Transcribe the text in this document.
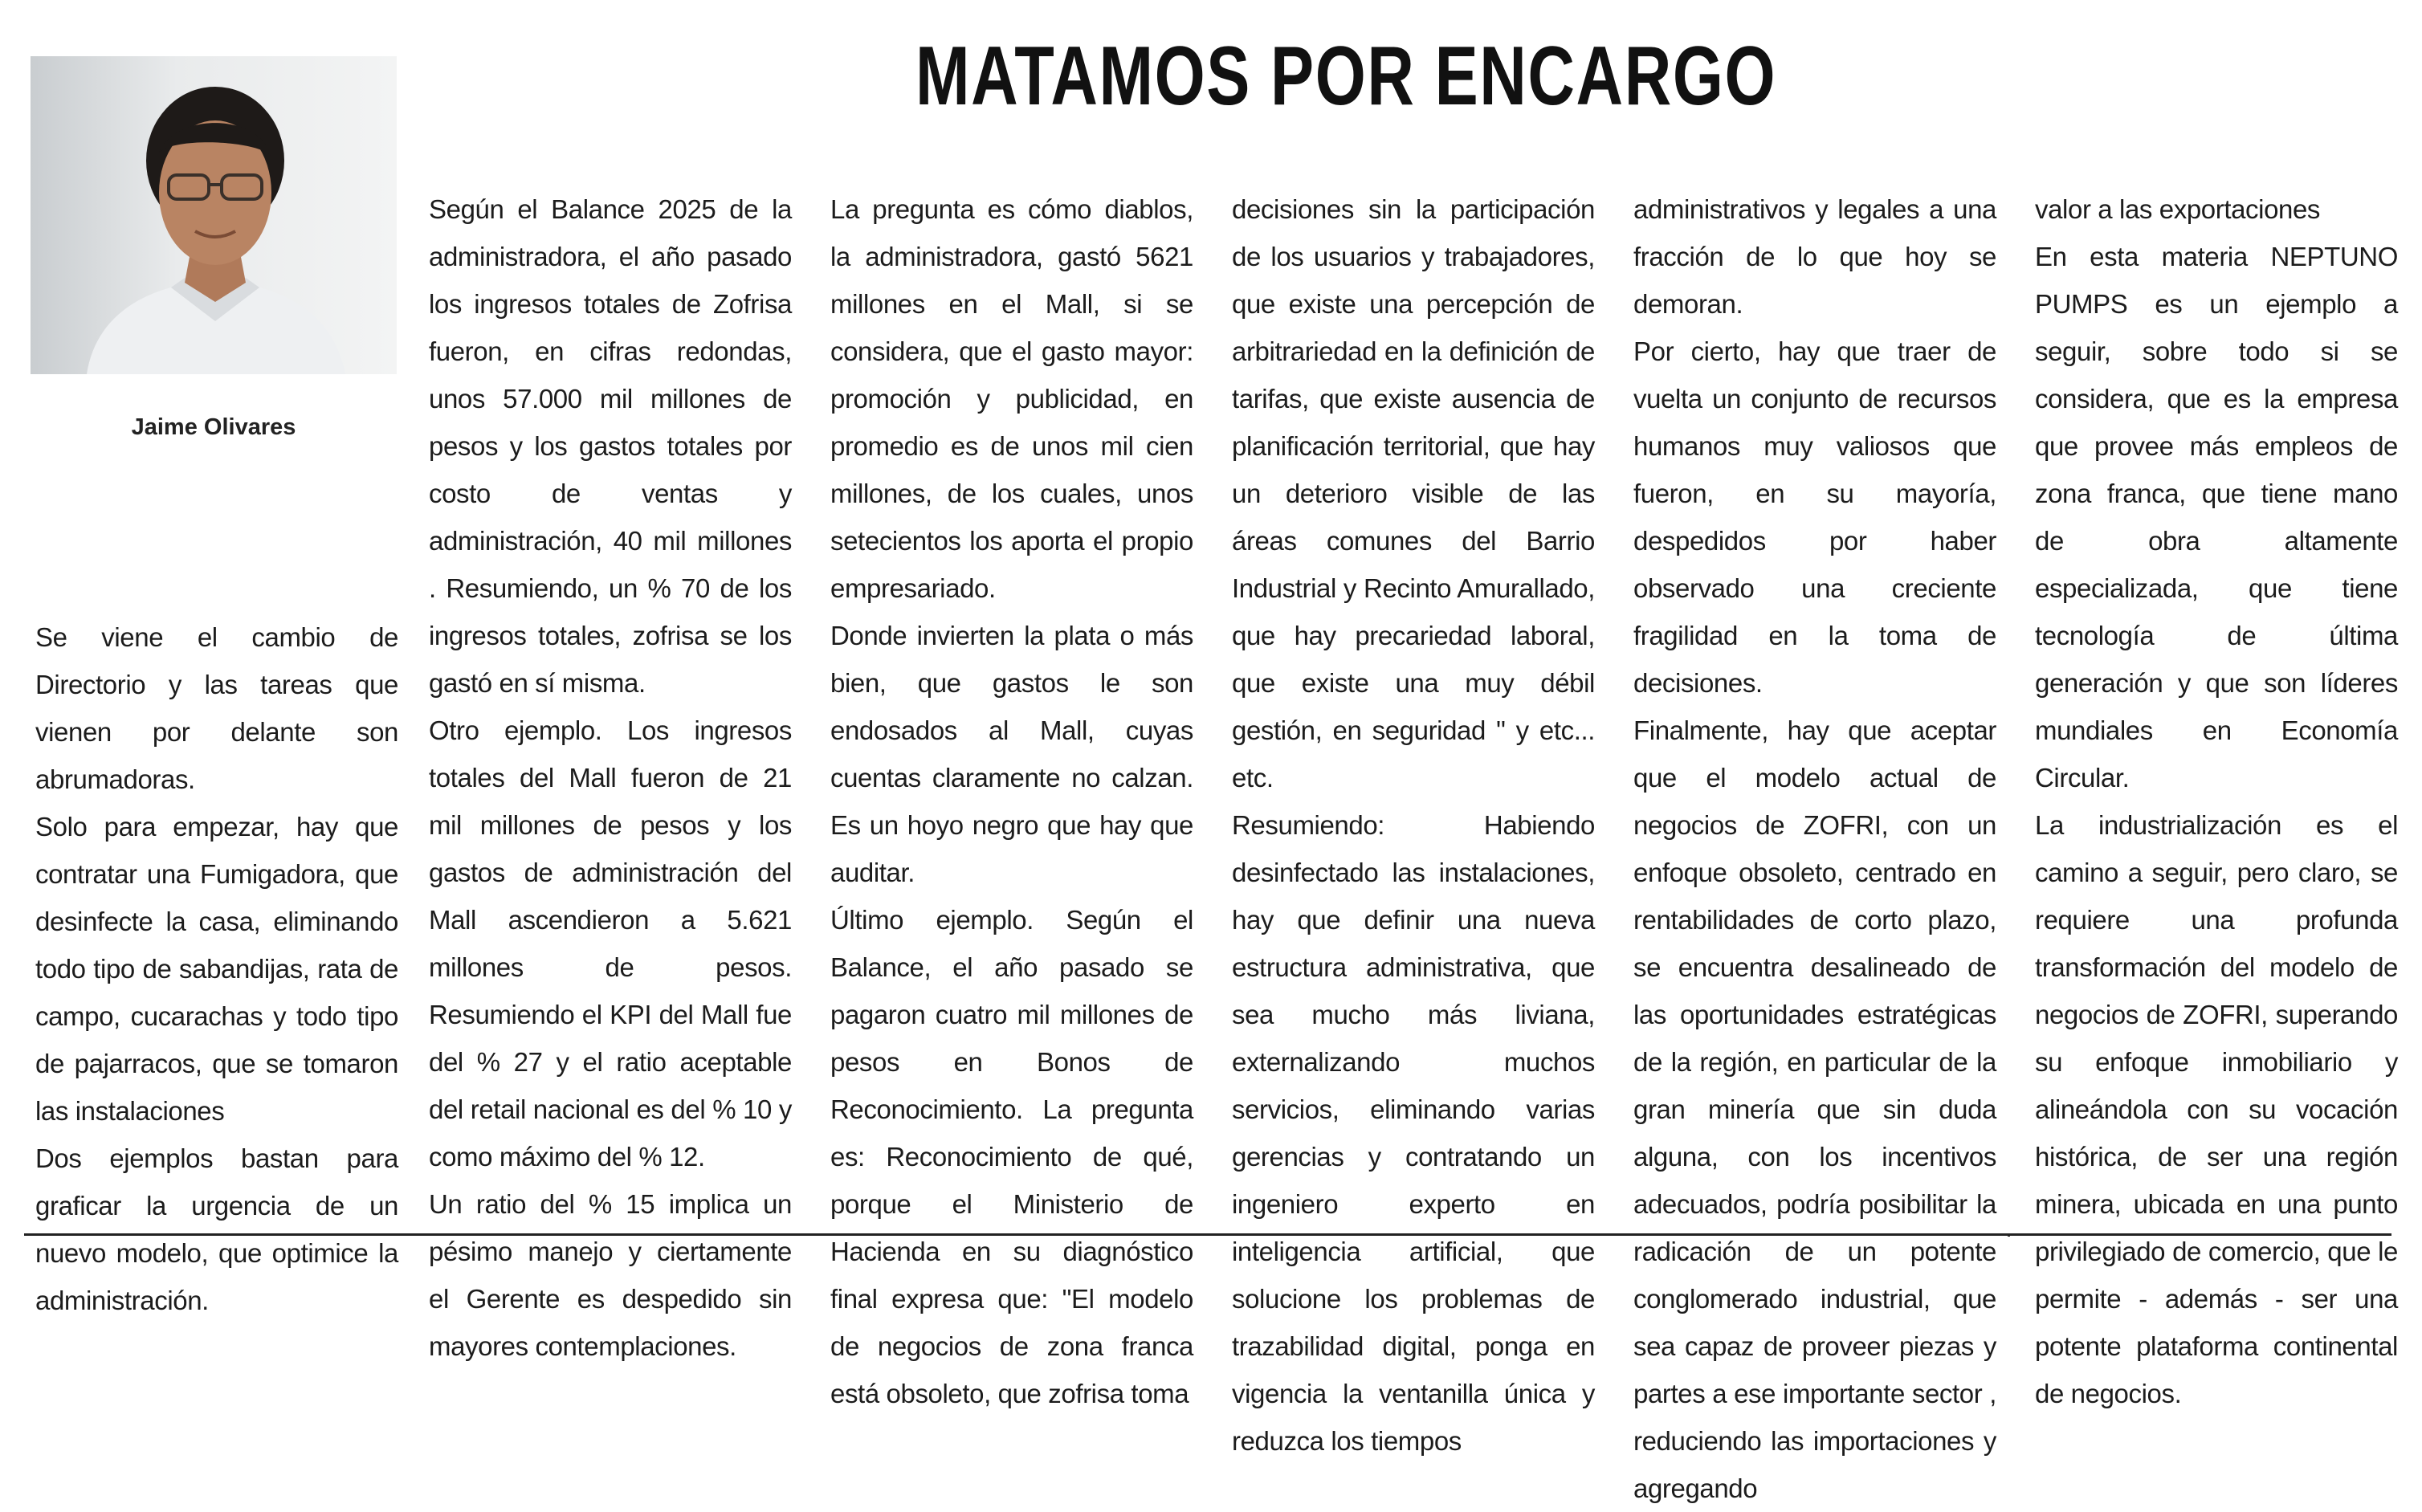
MATAMOS POR ENCARGO
Jaime Olivares

Se viene el cambio de Directorio y las tareas que vienen por delante son abrumadoras.

Solo para empezar, hay que contratar una Fumigadora, que desinfecte la casa, eliminando todo tipo de sabandijas, rata de campo, cucarachas y todo tipo de pajarracos, que se tomaron las instalaciones

Dos ejemplos bastan para graficar la urgencia de un nuevo modelo, que optimice la administración.

Según el Balance 2025 de la administradora, el año pasado los ingresos totales de Zofrisa fueron, en cifras redondas, unos 57.000 mil millones de pesos y los gastos totales por costo de ventas y administración, 40 mil millones . Resumiendo, un % 70 de los ingresos totales, zofrisa se los gastó en sí misma.

Otro ejemplo. Los ingresos totales del Mall fueron de 21 mil millones de pesos y los gastos de administración del Mall ascendieron a 5.621 millones de pesos. Resumiendo el KPI del Mall fue del % 27 y el ratio aceptable del retail nacional es del % 10 y como máximo del % 12.

Un ratio del % 15 implica un pésimo manejo y ciertamente el Gerente es despedido sin mayores contemplaciones.

La pregunta es cómo diablos, la administradora, gastó 5621 millones en el Mall, si se considera, que el gasto mayor: promoción y publicidad, en promedio es de unos mil cien millones, de los cuales, unos setecientos los aporta el propio empresariado.

Donde invierten la plata o más bien, que gastos le son endosados al Mall, cuyas cuentas claramente no calzan. Es un hoyo negro que hay que auditar.

Último ejemplo. Según el Balance, el año pasado se pagaron cuatro mil millones de pesos en Bonos de Reconocimiento. La pregunta es: Reconocimiento de qué, porque el Ministerio de Hacienda en su diagnóstico final expresa que: "El modelo de negocios de zona franca está obsoleto, que zofrisa toma

decisiones sin la participación de los usuarios y trabajadores, que existe una percepción de arbitrariedad en la definición de tarifas, que existe ausencia de planificación territorial, que hay un deterioro visible de las áreas comunes del Barrio Industrial y Recinto Amurallado, que hay precariedad laboral, que existe una muy débil gestión, en seguridad " y etc... etc.

Resumiendo: Habiendo desinfectado las instalaciones, hay que definir una nueva estructura administrativa, que sea mucho más liviana, externalizando muchos servicios, eliminando varias gerencias y contratando un ingeniero experto en inteligencia artificial, que solucione los problemas de trazabilidad digital, ponga en vigencia la ventanilla única y reduzca los tiempos

administrativos y legales a una fracción de lo que hoy se demoran.

Por cierto, hay que traer de vuelta un conjunto de recursos humanos muy valiosos que fueron, en su mayoría, despedidos por haber observado una creciente fragilidad en la toma de decisiones.

Finalmente, hay que aceptar que el modelo actual de negocios de ZOFRI, con un enfoque obsoleto, centrado en rentabilidades de corto plazo, se encuentra desalineado de las oportunidades estratégicas de la región, en particular de la gran minería que sin duda alguna, con los incentivos adecuados, podría posibilitar la radicación de un potente conglomerado industrial, que sea capaz de proveer piezas y partes a ese importante sector , reduciendo las importaciones y agregando

valor a las exportaciones

En esta materia NEPTUNO PUMPS es un ejemplo a seguir, sobre todo si se considera, que es la empresa que provee más empleos de zona franca, que tiene mano de obra altamente especializada, que tiene tecnología de última generación y que son líderes mundiales en Economía Circular.

La industrialización es el camino a seguir, pero claro, se requiere una profunda transformación del modelo de negocios de ZOFRI, superando su enfoque inmobiliario y alineándola con su vocación histórica, de ser una región minera, ubicada en una punto privilegiado de comercio, que le permite - además - ser una potente plataforma continental de negocios.
